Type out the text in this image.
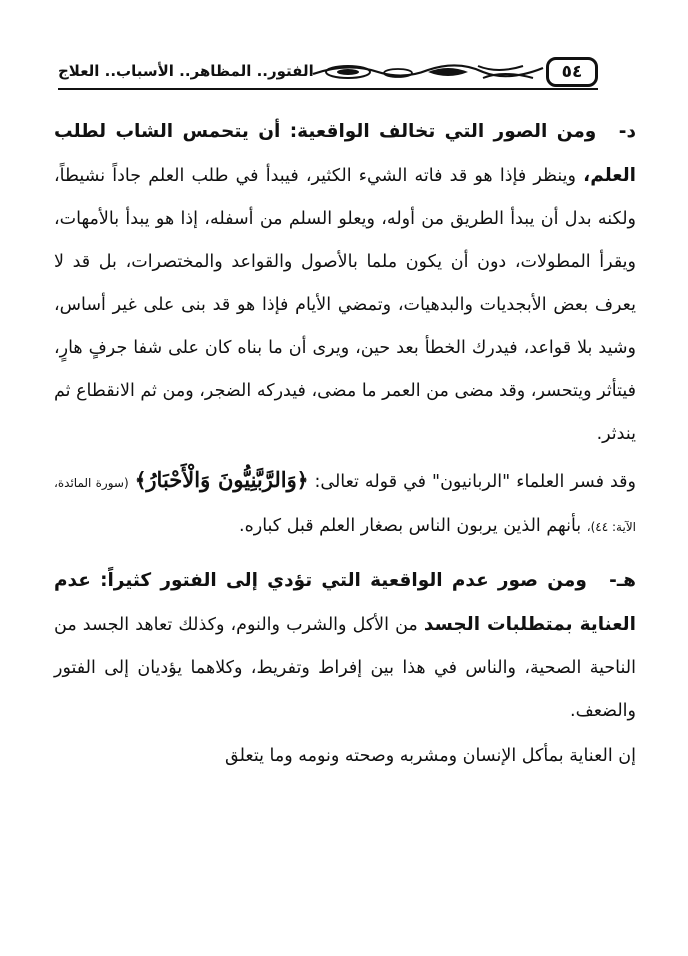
الفتور.. المظاهر.. الأسباب.. العلاج	٥٤

د- ومن الصور التي تخالف الواقعية: أن يتحمس الشاب لطلب العلم، وينظر فإذا هو قد فاته الشيء الكثير، فيبدأ في طلب العلم جاداً نشيطاً، ولكنه بدل أن يبدأ الطريق من أوله، ويعلو السلم من أسفله، إذا هو يبدأ بالأمهات، ويقرأ المطولات، دون أن يكون ملما بالأصول والقواعد والمختصرات، بل قد لا يعرف بعض الأبجديات والبدهيات، وتمضي الأيام فإذا هو قد بنى على غير أساس، وشيد بلا قواعد، فيدرك الخطأ بعد حين، ويرى أن ما بناه كان على شفا جرفٍ هارٍ، فيتأثر ويتحسر، وقد مضى من العمر ما مضى، فيدركه الضجر، ومن ثم الانقطاع ثم يندثر.

وقد فسر العلماء "الربانيون" في قوله تعالى: ﴿وَالرَّبَّنِيُّونَ وَالْأَحْبَارُ﴾ (سورة المائدة، الآية: ٤٤)، بأنهم الذين يربون الناس بصغار العلم قبل كباره.

هـ- ومن صور عدم الواقعية التي تؤدي إلى الفتور كثيراً: عدم العناية بمتطلبات الجسد من الأكل والشرب والنوم، وكذلك تعاهد الجسد من الناحية الصحية، والناس في هذا بين إفراط وتفريط، وكلاهما يؤديان إلى الفتور والضعف.

إن العناية بمأكل الإنسان ومشربه وصحته ونومه وما يتعلق
